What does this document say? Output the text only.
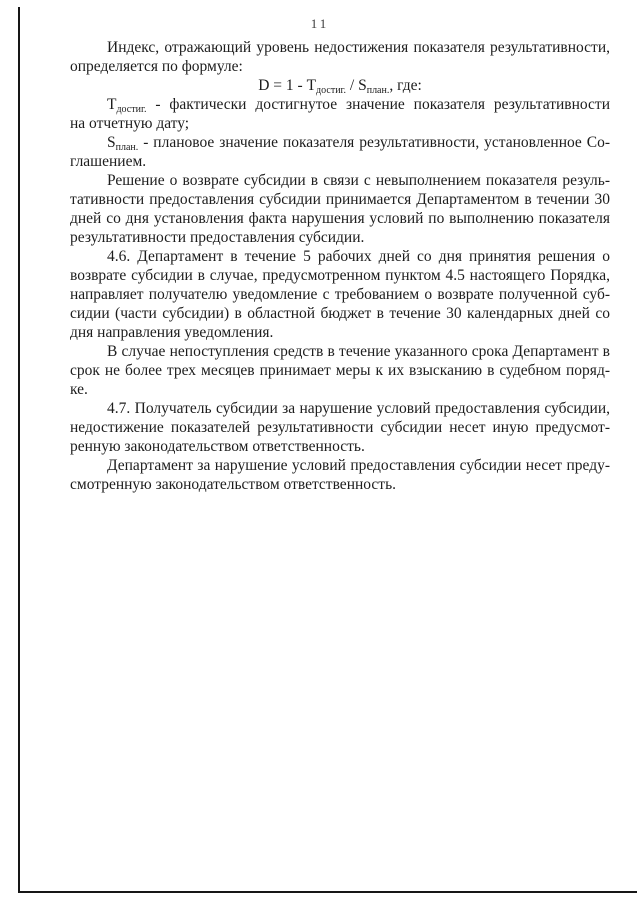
11

Индекс, отражающий уровень недостижения показателя результативности,
определяется по формуле:

$D = 1 - Т_{достиг.} / S_{план.}$, где:

$Т_{достиг.}$ - фактически достигнутое значение показателя результативности
на отчетную дату;

$S_{план.}$ - плановое значение показателя результативности, установленное Со-
глашением.

Решение о возврате субсидии в связи с невыполнением показателя резуль-
тативности предоставления субсидии принимается Департаментом в течении 30
дней со дня установления факта нарушения условий по выполнению показателя
результативности предоставления субсидии.

4.6. Департамент в течение 5 рабочих дней со дня принятия решения о
возврате субсидии в случае, предусмотренном пунктом 4.5 настоящего Порядка,
направляет получателю уведомление с требованием о возврате полученной суб-
сидии (части субсидии) в областной бюджет в течение 30 календарных дней со
дня направления уведомления.

В случае непоступления средств в течение указанного срока Департамент в
срок не более трех месяцев принимает меры к их взысканию в судебном поряд-
ке.

4.7. Получатель субсидии за нарушение условий предоставления субсидии,
недостижение показателей результативности субсидии несет иную предусмот-
ренную законодательством ответственность.

Департамент за нарушение условий предоставления субсидии несет преду-
смотренную законодательством ответственность.
